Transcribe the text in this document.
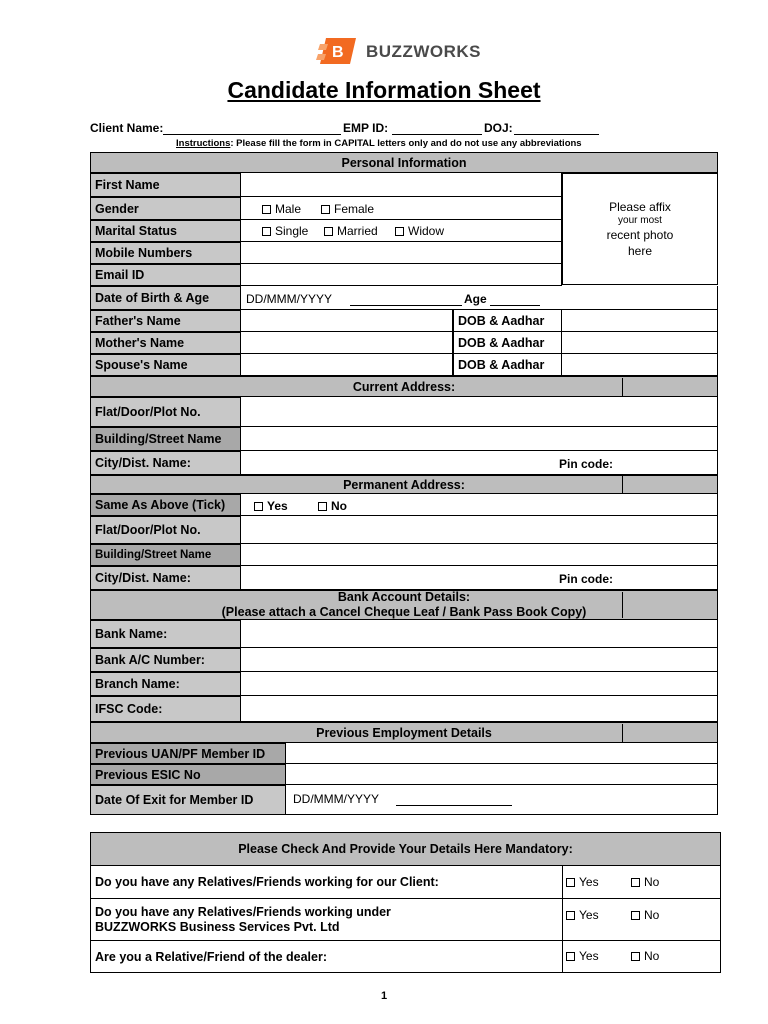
B BUZZWORKS
Candidate Information Sheet
Client Name:	EMP ID:	DOJ:
Instructions: Please fill the form in CAPITAL letters only and do not use any abbreviations
Personal Information
First Name
Gender	Male	Female
Marital Status	Single Married	Widow
Mobile Numbers
Email ID
Please affix
your most
recent photo
here
Date of Birth & Age	DD/MMM/YYYY	Age
Father's Name	DOB & Aadhar
Mother's Name	DOB & Aadhar
Spouse's Name	DOB & Aadhar
Current Address:
Flat/Door/Plot No.
Building/Street Name
City/Dist. Name:	Pin code:
Permanent Address:
Same As Above (Tick)	Yes	No
Flat/Door/Plot No.
Building/Street Name
City/Dist. Name:	Pin code:
Bank Account Details:
(Please attach a Cancel Cheque Leaf / Bank Pass Book Copy)
Bank Name:
Bank A/C Number:
Branch Name:
IFSC Code:
Previous Employment Details
Previous UAN/PF Member ID
Previous ESIC No
Date Of Exit for Member ID	DD/MMM/YYYY
Please Check And Provide Your Details Here Mandatory:
Do you have any Relatives/Friends working for our Client:	Yes	No
Do you have any Relatives/Friends working under
BUZZWORKS Business Services Pvt. Ltd
Yes	No
Are you a Relative/Friend of the dealer:	Yes	No
1
